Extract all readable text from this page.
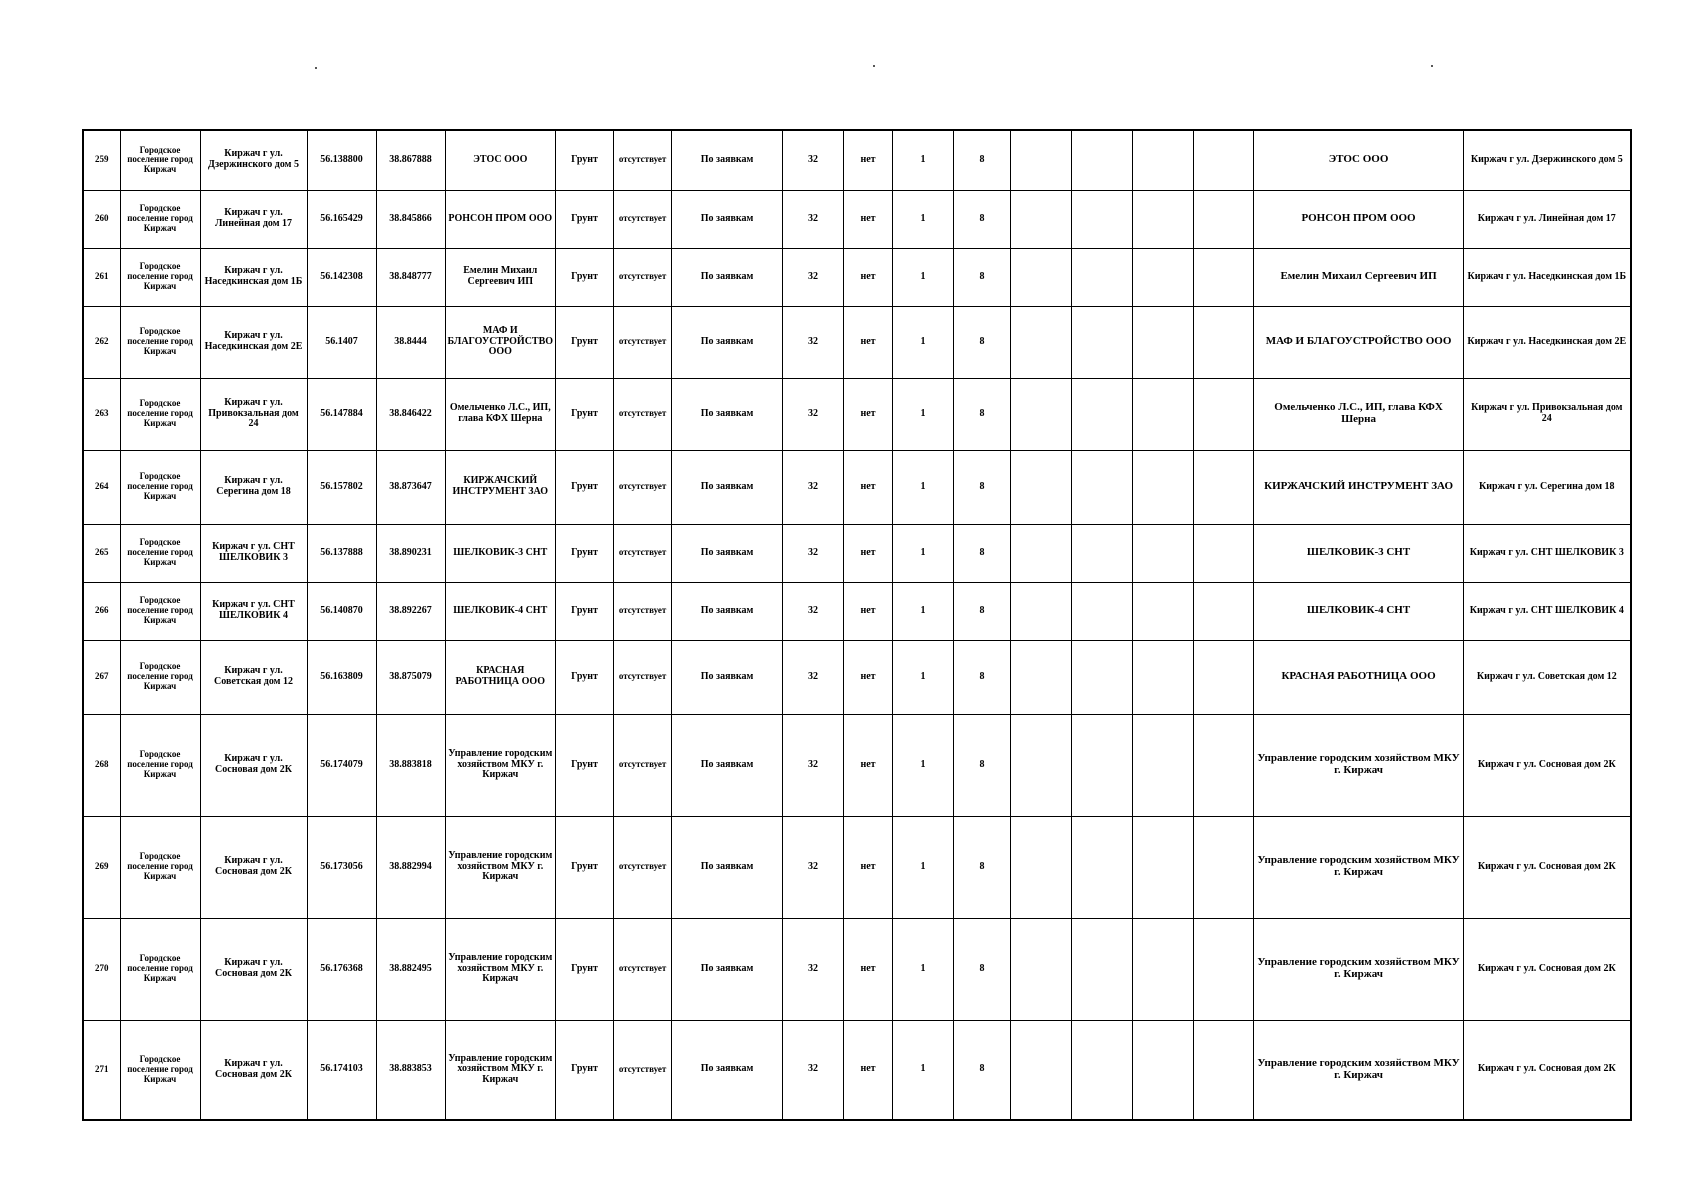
259	Городское поселение город Киржач	Киржач г ул. Дзержинского дом 5	56.138800	38.867888	ЭТОС ООО	Грунт	отсутствует	По заявкам	32	нет	1	8					ЭТОС ООО	Киржач г ул. Дзержинского дом 5
260	Городское поселение город Киржач	Киржач г ул. Линейная дом 17	56.165429	38.845866	РОНСОН ПРОМ ООО	Грунт	отсутствует	По заявкам	32	нет	1	8					РОНСОН ПРОМ ООО	Киржач г ул. Линейная дом 17
261	Городское поселение город Киржач	Киржач г ул. Наседкинская дом 1Б	56.142308	38.848777	Емелин Михаил Сергеевич ИП	Грунт	отсутствует	По заявкам	32	нет	1	8					Емелин Михаил Сергеевич ИП	Киржач г ул. Наседкинская дом 1Б
262	Городское поселение город Киржач	Киржач г ул. Наседкинская дом 2Е	56.1407	38.8444	МАФ И БЛАГОУСТРОЙСТВО ООО	Грунт	отсутствует	По заявкам	32	нет	1	8					МАФ И БЛАГОУСТРОЙСТВО ООО	Киржач г ул. Наседкинская дом 2Е
263	Городское поселение город Киржач	Киржач г ул. Привокзальная дом 24	56.147884	38.846422	Омельченко Л.С., ИП, глава КФХ Шерна	Грунт	отсутствует	По заявкам	32	нет	1	8					Омельченко Л.С., ИП, глава КФХ Шерна	Киржач г ул. Привокзальная дом 24
264	Городское поселение город Киржач	Киржач г ул. Серегина дом 18	56.157802	38.873647	КИРЖАЧСКИЙ ИНСТРУМЕНТ ЗАО	Грунт	отсутствует	По заявкам	32	нет	1	8					КИРЖАЧСКИЙ ИНСТРУМЕНТ ЗАО	Киржач г ул. Серегина дом 18
265	Городское поселение город Киржач	Киржач г ул. СНТ ШЕЛКОВИК 3	56.137888	38.890231	ШЕЛКОВИК-3 СНТ	Грунт	отсутствует	По заявкам	32	нет	1	8					ШЕЛКОВИК-3 СНТ	Киржач г ул. СНТ ШЕЛКОВИК 3
266	Городское поселение город Киржач	Киржач г ул. СНТ ШЕЛКОВИК 4	56.140870	38.892267	ШЕЛКОВИК-4 СНТ	Грунт	отсутствует	По заявкам	32	нет	1	8					ШЕЛКОВИК-4 СНТ	Киржач г ул. СНТ ШЕЛКОВИК 4
267	Городское поселение город Киржач	Киржач г ул. Советская дом 12	56.163809	38.875079	КРАСНАЯ РАБОТНИЦА ООО	Грунт	отсутствует	По заявкам	32	нет	1	8					КРАСНАЯ РАБОТНИЦА ООО	Киржач г ул. Советская дом 12
268	Городское поселение город Киржач	Киржач г ул. Сосновая дом 2К	56.174079	38.883818	Управление городским хозяйством МКУ г. Киржач	Грунт	отсутствует	По заявкам	32	нет	1	8					Управление городским хозяйством МКУ г. Киржач	Киржач г ул. Сосновая дом 2К
269	Городское поселение город Киржач	Киржач г ул. Сосновая дом 2К	56.173056	38.882994	Управление городским хозяйством МКУ г. Киржач	Грунт	отсутствует	По заявкам	32	нет	1	8					Управление городским хозяйством МКУ г. Киржач	Киржач г ул. Сосновая дом 2К
270	Городское поселение город Киржач	Киржач г ул. Сосновая дом 2К	56.176368	38.882495	Управление городским хозяйством МКУ г. Киржач	Грунт	отсутствует	По заявкам	32	нет	1	8					Управление городским хозяйством МКУ г. Киржач	Киржач г ул. Сосновая дом 2К
271	Городское поселение город Киржач	Киржач г ул. Сосновая дом 2К	56.174103	38.883853	Управление городским хозяйством МКУ г. Киржач	Грунт	отсутствует	По заявкам	32	нет	1	8					Управление городским хозяйством МКУ г. Киржач	Киржач г ул. Сосновая дом 2К
